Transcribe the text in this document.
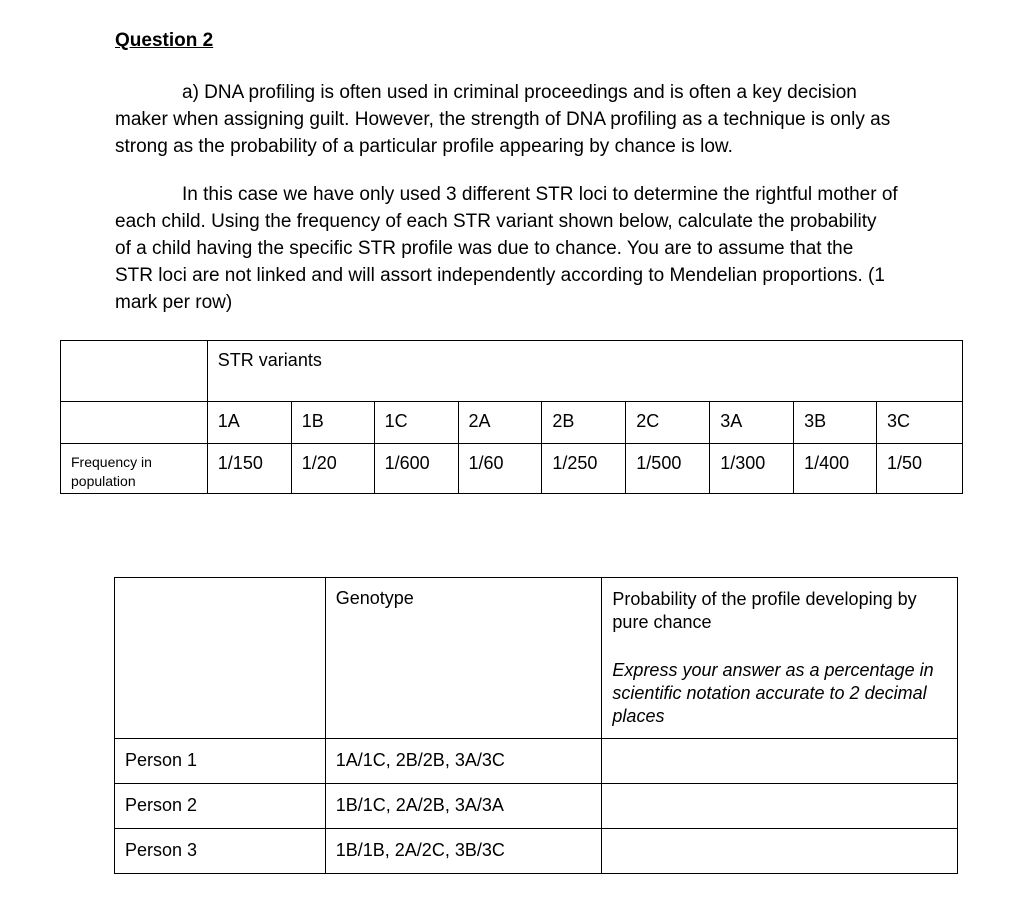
Question 2
a) DNA profiling is often used in criminal proceedings and is often a key decision
maker when assigning guilt. However, the strength of DNA profiling as a technique is only as
strong as the probability of a particular profile appearing by chance is low.
In this case we have only used 3 different STR loci to determine the rightful mother of
each child. Using the frequency of each STR variant shown below, calculate the probability
of a child having the specific STR profile was due to chance. You are to assume that the
STR loci are not linked and will assort independently according to Mendelian proportions. (1
mark per row)
	STR variants								
	1A	1B	1C	2A	2B	2C	3A	3B	3C
Frequency in population	1/150	1/20	1/600	1/60	1/250	1/500	1/300	1/400	1/50
	Genotype	Probability of the profile developing by pure chance
Express your answer as a percentage in scientific notation accurate to 2 decimal places

Person 1	1A/1C, 2B/2B, 3A/3C	
Person 2	1B/1C, 2A/2B, 3A/3A	
Person 3	1B/1B, 2A/2C, 3B/3C	
